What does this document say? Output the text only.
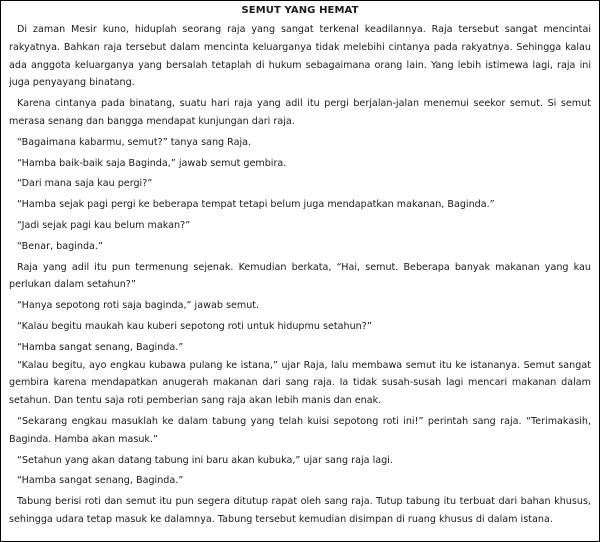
SEMUT YANG HEMAT

Di zaman Mesir kuno, hiduplah seorang raja yang sangat terkenal keadilannya. Raja tersebut sangat mencintai rakyatnya. Bahkan raja tersebut dalam mencinta keluarganya tidak melebihi cintanya pada rakyatnya. Sehingga kalau ada anggota keluarganya yang bersalah tetaplah di hukum sebagaimana orang lain. Yang lebih istimewa lagi, raja ini juga penyayang binatang.

Karena cintanya pada binatang, suatu hari raja yang adil itu pergi berjalan-jalan menemui seekor semut. Si semut merasa senang dan bangga mendapat kunjungan dari raja.

“Bagaimana kabarmu, semut?” tanya sang Raja.

“Hamba baik-baik saja Baginda,” jawab semut gembira.

“Dari mana saja kau pergi?”

“Hamba sejak pagi pergi ke beberapa tempat tetapi belum juga mendapatkan makanan, Baginda.”

“Jadi sejak pagi kau belum makan?”

“Benar, baginda.”

Raja yang adil itu pun termenung sejenak. Kemudian berkata, “Hai, semut. Beberapa banyak makanan yang kau perlukan dalam setahun?”

“Hanya sepotong roti saja baginda,” jawab semut.

“Kalau begitu maukah kau kuberi sepotong roti untuk hidupmu setahun?”

“Hamba sangat senang, Baginda.”

“Kalau begitu, ayo engkau kubawa pulang ke istana,” ujar Raja, lalu membawa semut itu ke istananya. Semut sangat gembira karena mendapatkan anugerah makanan dari sang raja. Ia tidak susah-susah lagi mencari makanan dalam setahun. Dan tentu saja roti pemberian sang raja akan lebih manis dan enak.

“Sekarang engkau masuklah ke dalam tabung yang telah kuisi sepotong roti ini!” perintah sang raja. “Terimakasih, Baginda. Hamba akan masuk.”

“Setahun yang akan datang tabung ini baru akan kubuka,” ujar sang raja lagi.

“Hamba sangat senang, Baginda.”

Tabung berisi roti dan semut itu pun segera ditutup rapat oleh sang raja. Tutup tabung itu terbuat dari bahan khusus, sehingga udara tetap masuk ke dalamnya. Tabung tersebut kemudian disimpan di ruang khusus di dalam istana.
